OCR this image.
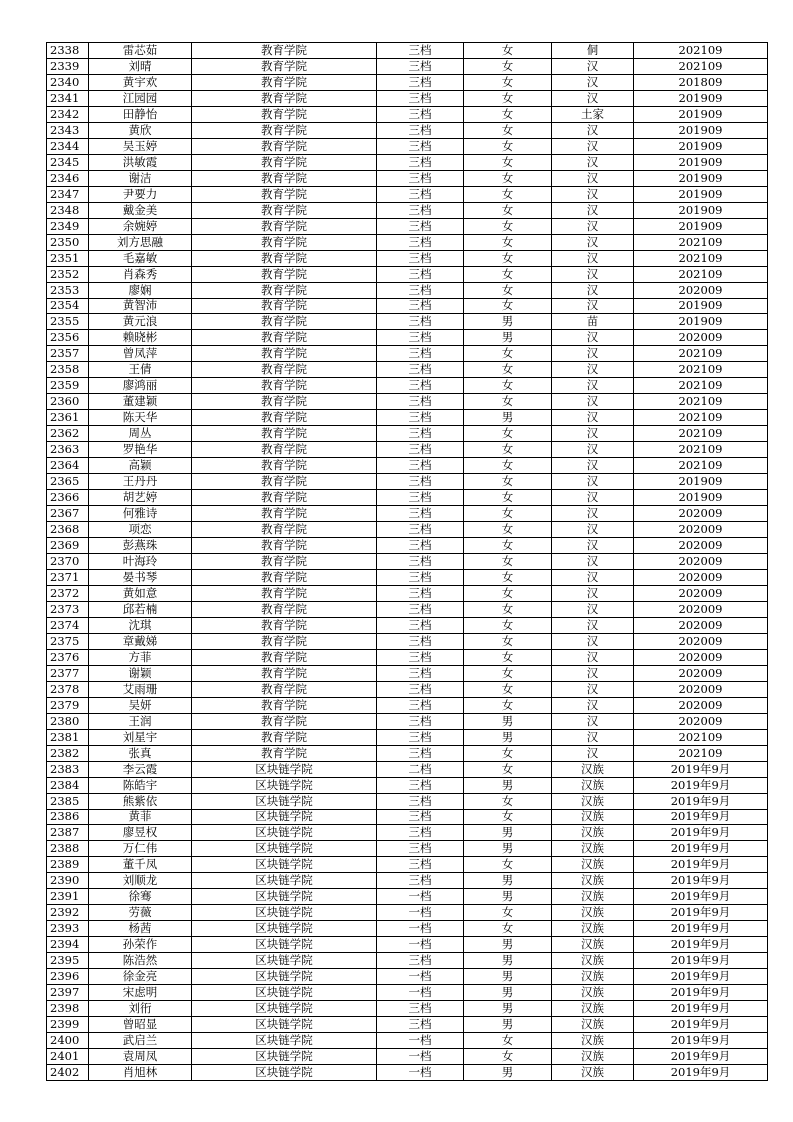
2338	雷芯茹	教育学院	三档	女	侗	202109
2339	刘晴	教育学院	三档	女	汉	202109
2340	黄宇欢	教育学院	三档	女	汉	201809
2341	江园园	教育学院	三档	女	汉	201909
2342	田静怡	教育学院	三档	女	土家	201909
2343	黄欣	教育学院	三档	女	汉	201909
2344	吴玉婷	教育学院	三档	女	汉	201909
2345	洪敏霞	教育学院	三档	女	汉	201909
2346	谢洁	教育学院	三档	女	汉	201909
2347	尹要力	教育学院	三档	女	汉	201909
2348	戴金美	教育学院	三档	女	汉	201909
2349	余婉婷	教育学院	三档	女	汉	201909
2350	刘方思融	教育学院	三档	女	汉	202109
2351	毛嘉敏	教育学院	三档	女	汉	202109
2352	肖森秀	教育学院	三档	女	汉	202109
2353	廖娴	教育学院	三档	女	汉	202009
2354	黄智沛	教育学院	三档	女	汉	201909
2355	黄元浪	教育学院	三档	男	苗	201909
2356	赖晓彬	教育学院	三档	男	汉	202009
2357	曾凤萍	教育学院	三档	女	汉	202109
2358	王倩	教育学院	三档	女	汉	202109
2359	廖鸿丽	教育学院	三档	女	汉	202109
2360	董建颖	教育学院	三档	女	汉	202109
2361	陈天华	教育学院	三档	男	汉	202109
2362	周丛	教育学院	三档	女	汉	202109
2363	罗艳华	教育学院	三档	女	汉	202109
2364	高颖	教育学院	三档	女	汉	202109
2365	王丹丹	教育学院	三档	女	汉	201909
2366	胡艺婷	教育学院	三档	女	汉	201909
2367	何雅诗	教育学院	三档	女	汉	202009
2368	项恋	教育学院	三档	女	汉	202009
2369	彭燕珠	教育学院	三档	女	汉	202009
2370	叶海玲	教育学院	三档	女	汉	202009
2371	晏书琴	教育学院	三档	女	汉	202009
2372	黄如意	教育学院	三档	女	汉	202009
2373	邱若楠	教育学院	三档	女	汉	202009
2374	沈琪	教育学院	三档	女	汉	202009
2375	章戴娣	教育学院	三档	女	汉	202009
2376	方菲	教育学院	三档	女	汉	202009
2377	谢颖	教育学院	三档	女	汉	202009
2378	艾雨珊	教育学院	三档	女	汉	202009
2379	吴妍	教育学院	三档	女	汉	202009
2380	王润	教育学院	三档	男	汉	202009
2381	刘星宇	教育学院	三档	男	汉	202109
2382	张真	教育学院	三档	女	汉	202109
2383	李云霞	区块链学院	二档	女	汉族	2019年9月
2384	陈皓宇	区块链学院	三档	男	汉族	2019年9月
2385	熊紫依	区块链学院	三档	女	汉族	2019年9月
2386	黄菲	区块链学院	三档	女	汉族	2019年9月
2387	廖昱权	区块链学院	三档	男	汉族	2019年9月
2388	万仁伟	区块链学院	三档	男	汉族	2019年9月
2389	董千凤	区块链学院	三档	女	汉族	2019年9月
2390	刘顺龙	区块链学院	三档	男	汉族	2019年9月
2391	徐骞	区块链学院	一档	男	汉族	2019年9月
2392	劳薇	区块链学院	一档	女	汉族	2019年9月
2393	杨茜	区块链学院	一档	女	汉族	2019年9月
2394	孙荣作	区块链学院	一档	男	汉族	2019年9月
2395	陈浩然	区块链学院	三档	男	汉族	2019年9月
2396	徐金亮	区块链学院	一档	男	汉族	2019年9月
2397	宋虑明	区块链学院	一档	男	汉族	2019年9月
2398	刘衎	区块链学院	三档	男	汉族	2019年9月
2399	曾昭显	区块链学院	三档	男	汉族	2019年9月
2400	武启兰	区块链学院	一档	女	汉族	2019年9月
2401	袁周凤	区块链学院	一档	女	汉族	2019年9月
2402	肖旭林	区块链学院	一档	男	汉族	2019年9月
